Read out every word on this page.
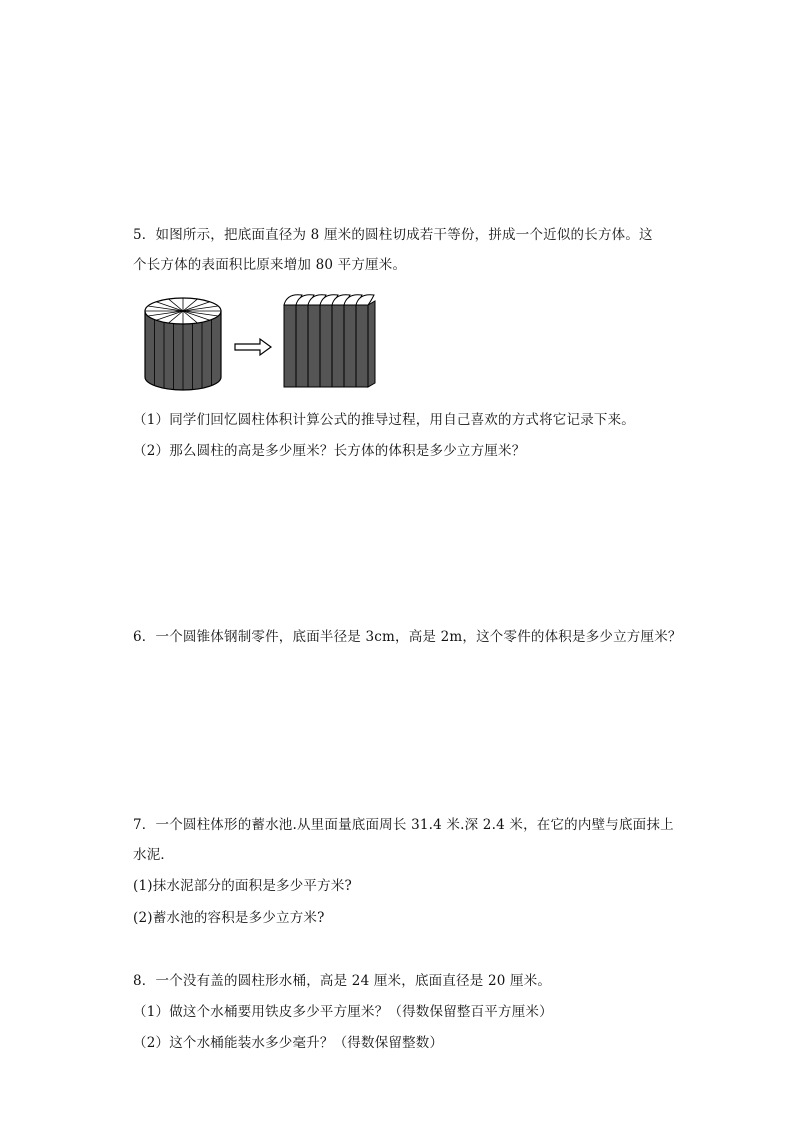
5．如图所示，把底面直径为 8 厘米的圆柱切成若干等份，拼成一个近似的长方体。这
个长方体的表面积比原来增加 80 平方厘米。
（1）同学们回忆圆柱体积计算公式的推导过程，用自己喜欢的方式将它记录下来。
（2）那么圆柱的高是多少厘米？长方体的体积是多少立方厘米？
6．一个圆锥体钢制零件，底面半径是 3cm，高是 2m，这个零件的体积是多少立方厘米？
7．一个圆柱体形的蓄水池.从里面量底面周长 31.4 米.深 2.4 米，在它的内壁与底面抹上
水泥．
(1)抹水泥部分的面积是多少平方米?
(2)蓄水池的容积是多少立方米?
8．一个没有盖的圆柱形水桶，高是 24 厘米，底面直径是 20 厘米。
（1）做这个水桶要用铁皮多少平方厘米？（得数保留整百平方厘米）
（2）这个水桶能装水多少毫升？（得数保留整数）
